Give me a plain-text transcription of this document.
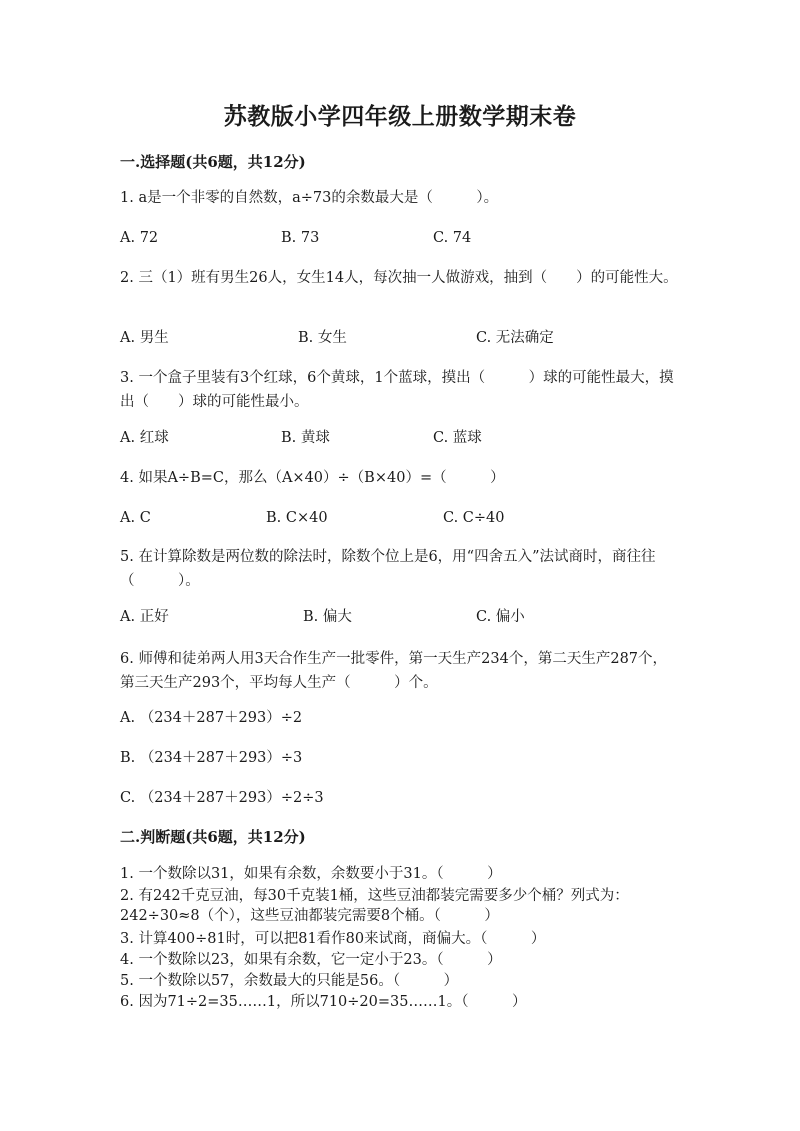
苏教版小学四年级上册数学期末卷
一.选择题(共6题，共12分)
1. a是一个非零的自然数，a÷73的余数最大是（　　　）。
A. 72	B. 73	C. 74
2. 三（1）班有男生26人，女生14人，每次抽一人做游戏，抽到（　　）的可能性大。
A. 男生	B. 女生	C. 无法确定
3. 一个盒子里装有3个红球，6个黄球，1个蓝球，摸出（　　　）球的可能性最大，摸出（　　）球的可能性最小。
A. 红球	B. 黄球	C. 蓝球
4. 如果A÷B=C，那么（A×40）÷（B×40）=（　　　）
A. C	B. C×40	C. C÷40
5. 在计算除数是两位数的除法时，除数个位上是6，用“四舍五入”法试商时，商往往（　　　）。
A. 正好	B. 偏大	C. 偏小
6. 师傅和徒弟两人用3天合作生产一批零件，第一天生产234个，第二天生产287个，第三天生产293个，平均每人生产（　　　）个。
A. （234＋287＋293）÷2
B. （234＋287＋293）÷3
C. （234＋287＋293）÷2÷3
二.判断题(共6题，共12分)
1. 一个数除以31，如果有余数，余数要小于31。（　　　）
2. 有242千克豆油，每30千克装1桶，这些豆油都装完需要多少个桶？列式为：242÷30≈8（个），这些豆油都装完需要8个桶。（　　　）
3. 计算400÷81时，可以把81看作80来试商，商偏大。（　　　）
4. 一个数除以23，如果有余数，它一定小于23。（　　　）
5. 一个数除以57，余数最大的只能是56。（　　　）
6. 因为71÷2=35……1，所以710÷20=35……1。（　　　）
